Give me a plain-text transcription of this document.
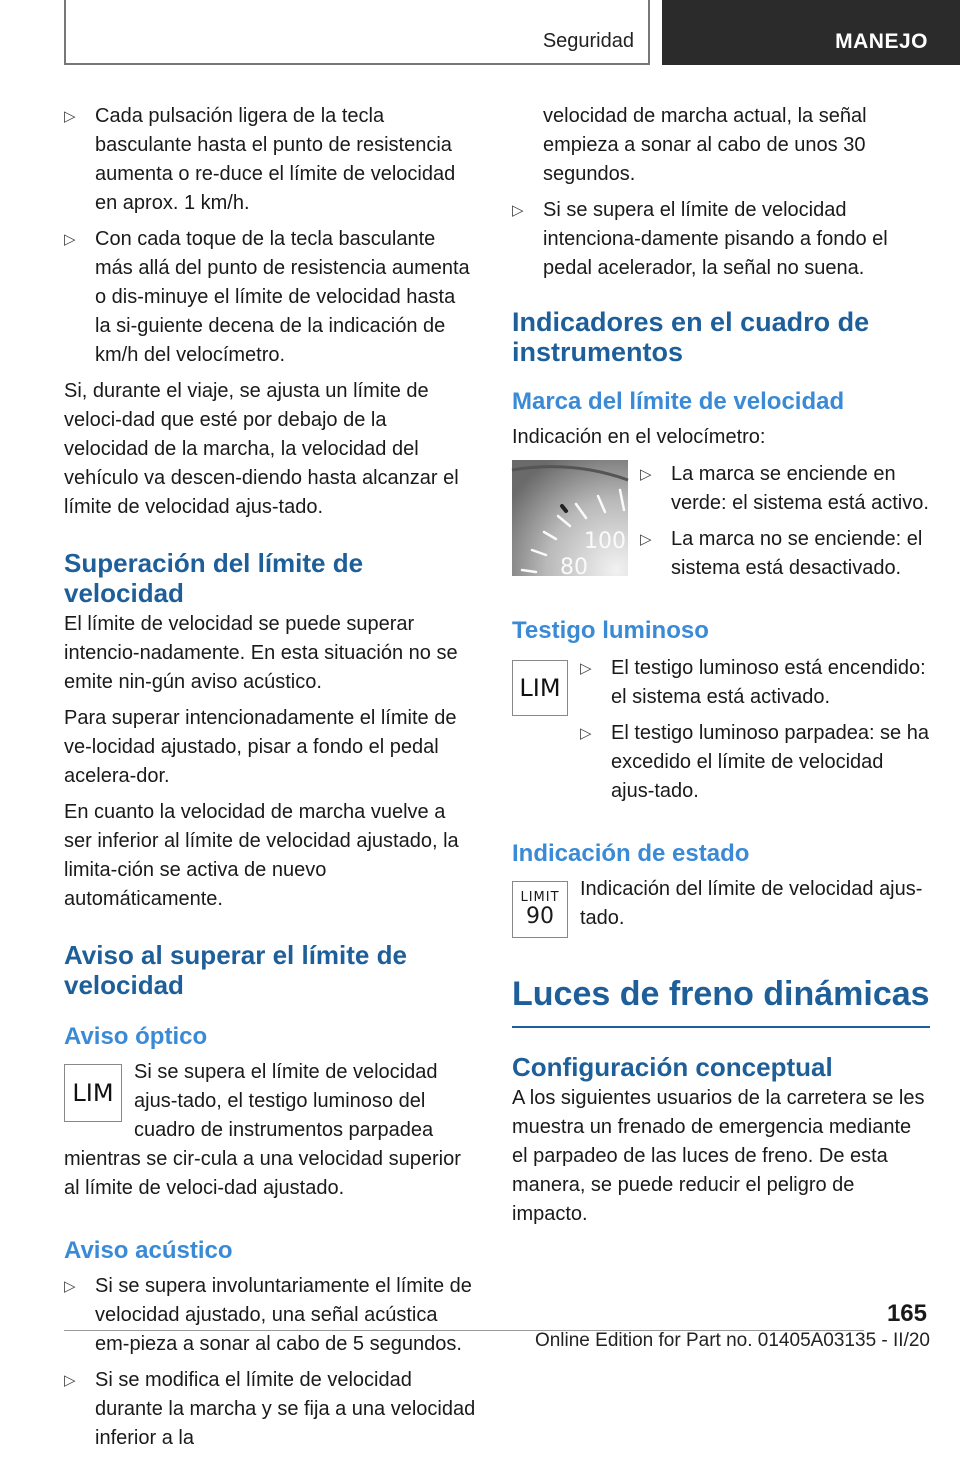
Seguridad	MANEJO
▷ Cada pulsación ligera de la tecla basculante hasta el punto de resistencia aumenta o re-duce el límite de velocidad en aprox. 1 km/h.
▷ Con cada toque de la tecla basculante más allá del punto de resistencia aumenta o dis-minuye el límite de velocidad hasta la si-guiente decena de la indicación de km/h del velocímetro.

Si, durante el viaje, se ajusta un límite de veloci-dad que esté por debajo de la velocidad de la marcha, la velocidad del vehículo va descen-diendo hasta alcanzar el límite de velocidad ajus-tado.

Superación del límite de velocidad

El límite de velocidad se puede superar intencio-nadamente. En esta situación no se emite nin-gún aviso acústico.

Para superar intencionadamente el límite de ve-locidad ajustado, pisar a fondo el pedal acelera-dor.

En cuanto la velocidad de marcha vuelve a ser inferior al límite de velocidad ajustado, la limita-ción se activa de nuevo automáticamente.

Aviso al superar el límite de velocidad
Aviso óptico
LIM

Si se supera el límite de velocidad ajus-tado, el testigo luminoso del cuadro de instrumentos parpadea mientras se cir-cula a una velocidad superior al límite de veloci-dad ajustado.

Aviso acústico
▷ Si se supera involuntariamente el límite de velocidad ajustado, una señal acústica em-pieza a sonar al cabo de 5 segundos.
▷ Si se modifica el límite de velocidad durante la marcha y se fija a una velocidad inferior a la
velocidad de marcha actual, la señal empieza a sonar al cabo de unos 30 segundos.
▷ Si se supera el límite de velocidad intenciona-damente pisando a fondo el pedal acelerador, la señal no suena.
Indicadores en el cuadro de instrumentos
Marca del límite de velocidad

Indicación en el velocímetro:

100
80
▷ La marca se enciende en verde: el sistema está activo.
▷ La marca no se enciende: el sistema está desactivado.
Testigo luminoso
LIM
▷ El testigo luminoso está encendido: el sistema está activado.
▷ El testigo luminoso parpadea: se ha excedido el límite de velocidad ajus-tado.
Indicación de estado
LIMIT
90

Indicación del límite de velocidad ajus-tado.

Luces de freno dinámicas
Configuración conceptual

A los siguientes usuarios de la carretera se les muestra un frenado de emergencia mediante el parpadeo de las luces de freno. De esta manera, se puede reducir el peligro de impacto.

165
Online Edition for Part no. 01405A03135 - II/20
